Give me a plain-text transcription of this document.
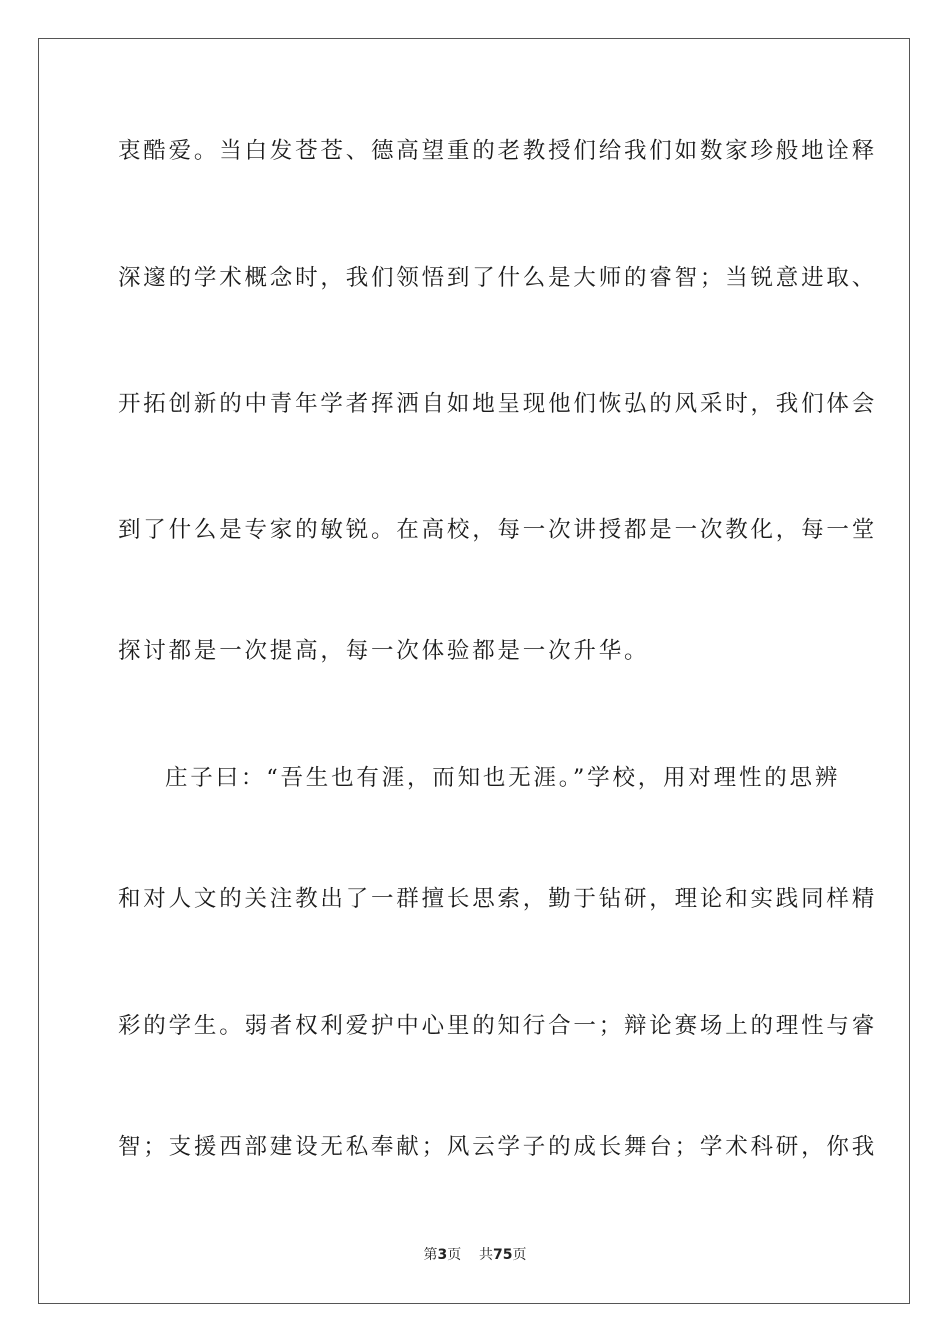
衷酷爱。当白发苍苍、德高望重的老教授们给我们如数家珍般地诠释
深邃的学术概念时，我们领悟到了什么是大师的睿智；当锐意进取、
开拓创新的中青年学者挥洒自如地呈现他们恢弘的风采时，我们体会
到了什么是专家的敏锐。在高校，每一次讲授都是一次教化，每一堂
探讨都是一次提高，每一次体验都是一次升华。
庄子曰：“吾生也有涯，而知也无涯。”学校，用对理性的思辨
和对人文的关注教出了一群擅长思索，勤于钻研，理论和实践同样精
彩的学生。弱者权利爱护中心里的知行合一；辩论赛场上的理性与睿
智；支援西部建设无私奉献；风云学子的成长舞台；学术科研，你我
第3页 共75页
